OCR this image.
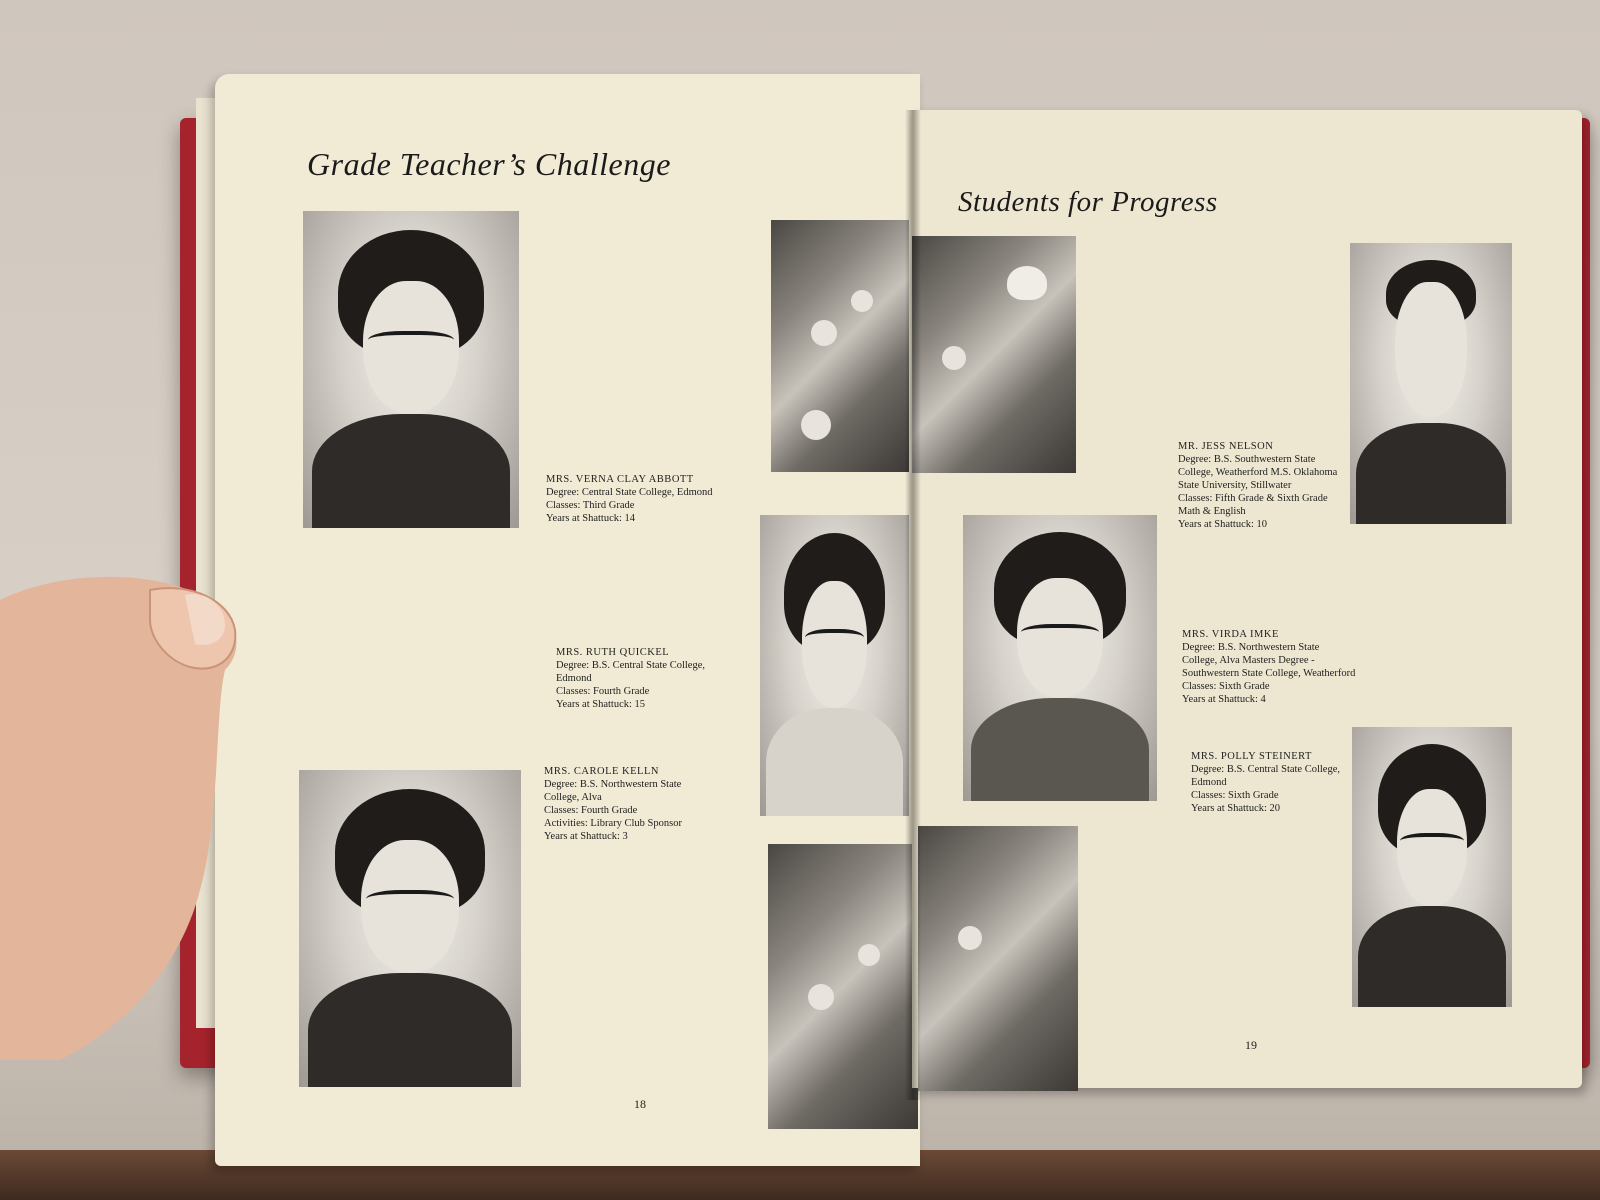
Grade Teacher’s Challenge
MRS. VERNA CLAY ABBOTT
Degree: Central State College, Edmond
Classes: Third Grade
Years at Shattuck: 14
MRS. RUTH QUICKEL
Degree: B.S. Central State College,
Edmond
Classes: Fourth Grade
Years at Shattuck: 15
MRS. CAROLE KELLN
Degree: B.S. Northwestern State
College, Alva
Classes: Fourth Grade
Activities: Library Club Sponsor
Years at Shattuck: 3
18
Students for Progress
MR. JESS NELSON
Degree: B.S. Southwestern State
College, Weatherford M.S. Oklahoma
State University, Stillwater
Classes: Fifth Grade & Sixth Grade
Math & English
Years at Shattuck: 10
MRS. VIRDA IMKE
Degree: B.S. Northwestern State
College, Alva Masters Degree -
Southwestern State College, Weatherford
Classes: Sixth Grade
Years at Shattuck: 4
MRS. POLLY STEINERT
Degree: B.S. Central State College,
Edmond
Classes: Sixth Grade
Years at Shattuck: 20
19
